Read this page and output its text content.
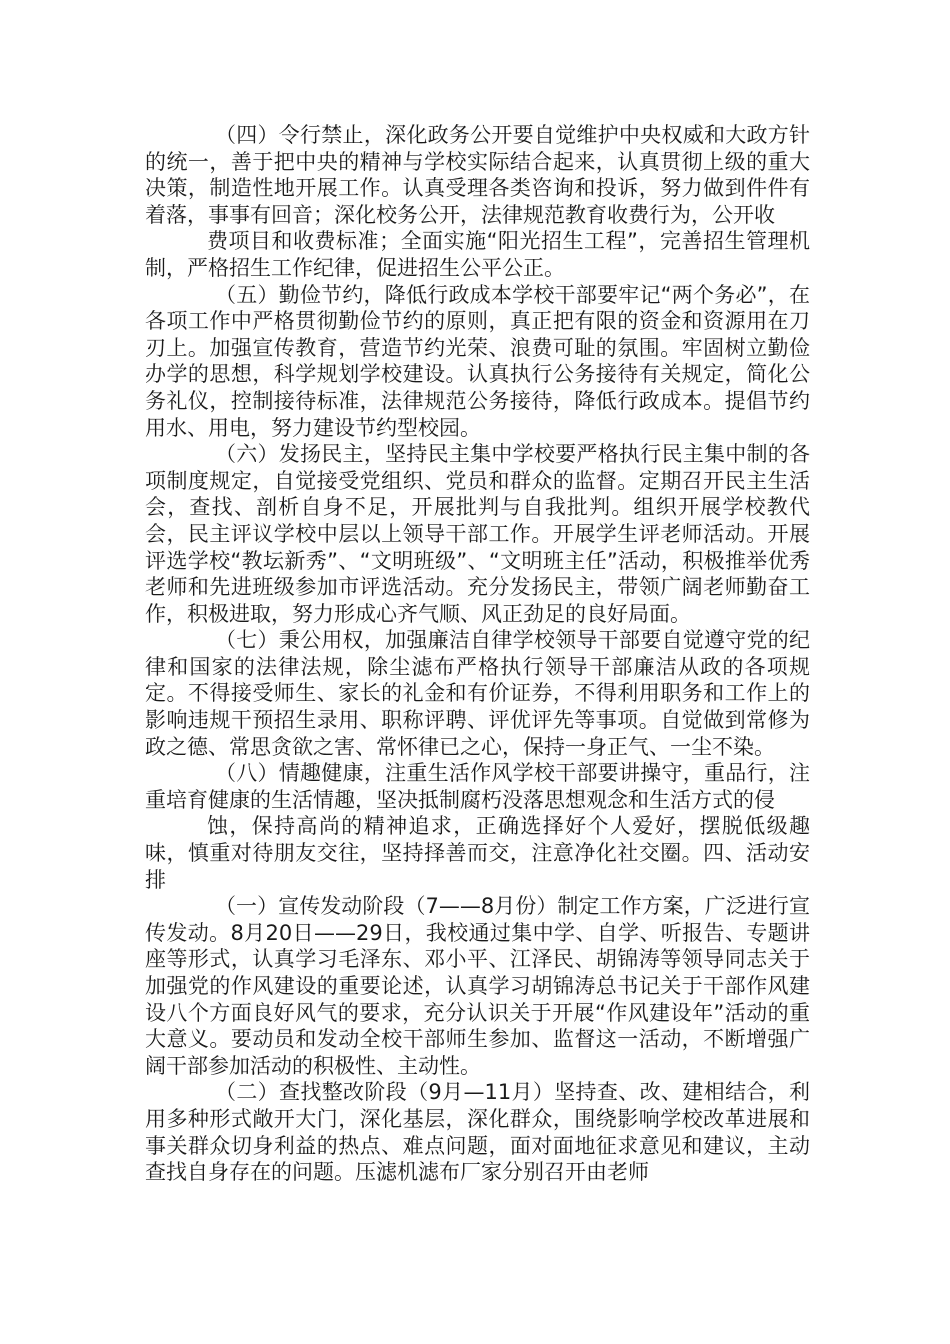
（四）令行禁止，深化政务公开要自觉维护中央权威和大政方针的统一，善于把中央的精神与学校实际结合起来，认真贯彻上级的重大决策，制造性地开展工作。认真受理各类咨询和投诉，努力做到件件有着落，事事有回音；深化校务公开，法律规范教育收费行为，公开收

费项目和收费标准；全面实施“阳光招生工程”，完善招生管理机制，严格招生工作纪律，促进招生公平公正。

（五）勤俭节约，降低行政成本学校干部要牢记“两个务必”，在各项工作中严格贯彻勤俭节约的原则，真正把有限的资金和资源用在刀刃上。加强宣传教育，营造节约光荣、浪费可耻的氛围。牢固树立勤俭办学的思想，科学规划学校建设。认真执行公务接待有关规定，简化公务礼仪，控制接待标准，法律规范公务接待，降低行政成本。提倡节约用水、用电，努力建设节约型校园。

（六）发扬民主，坚持民主集中学校要严格执行民主集中制的各项制度规定，自觉接受党组织、党员和群众的监督。定期召开民主生活会，查找、剖析自身不足，开展批判与自我批判。组织开展学校教代会，民主评议学校中层以上领导干部工作。开展学生评老师活动。开展评选学校“教坛新秀”、“文明班级”、“文明班主任”活动，积极推举优秀老师和先进班级参加市评选活动。充分发扬民主，带领广阔老师勤奋工作，积极进取，努力形成心齐气顺、风正劲足的良好局面。

（七）秉公用权，加强廉洁自律学校领导干部要自觉遵守党的纪律和国家的法律法规，除尘滤布严格执行领导干部廉洁从政的各项规定。不得接受师生、家长的礼金和有价证券，不得利用职务和工作上的影响违规干预招生录用、职称评聘、评优评先等事项。自觉做到常修为政之德、常思贪欲之害、常怀律已之心，保持一身正气、一尘不染。

（八）情趣健康，注重生活作风学校干部要讲操守，重品行，注重培育健康的生活情趣，坚决抵制腐朽没落思想观念和生活方式的侵

蚀，保持高尚的精神追求，正确选择好个人爱好，摆脱低级趣味，慎重对待朋友交往，坚持择善而交，注意净化社交圈。四、活动安排

（一）宣传发动阶段（7——8月份）制定工作方案，广泛进行宣传发动。8月20日——29日，我校通过集中学、自学、听报告、专题讲座等形式，认真学习毛泽东、邓小平、江泽民、胡锦涛等领导同志关于加强党的作风建设的重要论述，认真学习胡锦涛总书记关于干部作风建设八个方面良好风气的要求，充分认识关于开展“作风建设年”活动的重大意义。要动员和发动全校干部师生参加、监督这一活动，不断增强广阔干部参加活动的积极性、主动性。

（二）查找整改阶段（9月—11月）坚持查、改、建相结合，利用多种形式敞开大门，深化基层，深化群众，围绕影响学校改革进展和事关群众切身利益的热点、难点问题，面对面地征求意见和建议，主动查找自身存在的问题。压滤机滤布厂家分别召开由老师
